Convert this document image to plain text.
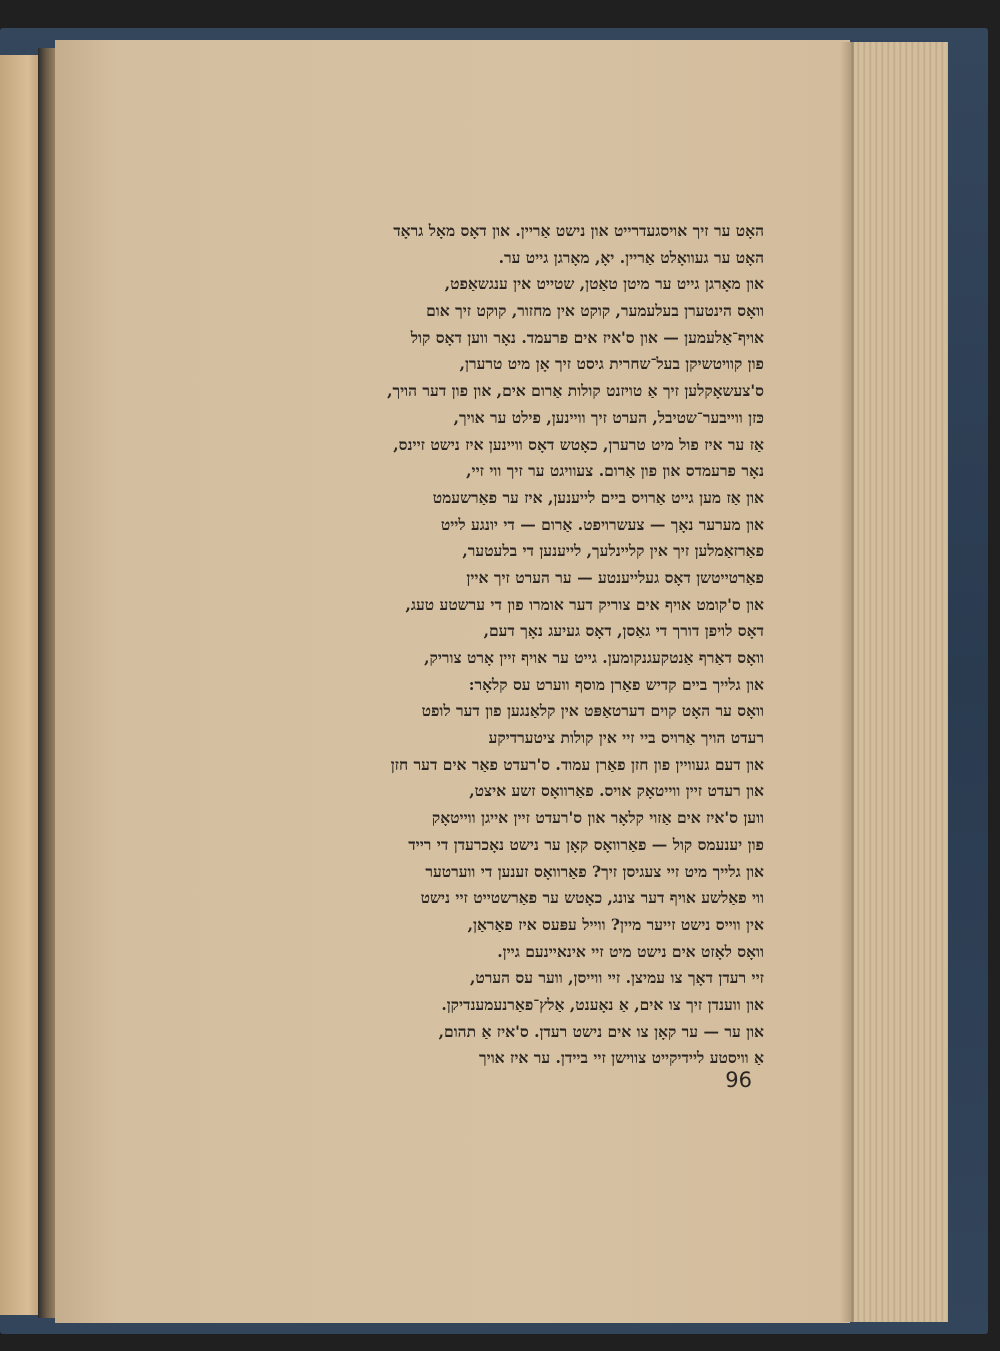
האָט ער זיך אויסגעדרייט און נישט אַריין. און דאָס מאָל גראָד
האָט ער געוואָלט אַריין. יאָ, מאָרגן גייט ער.
און מאָרגן גייט ער מיטן טאַטן, שטייט אין ענגשאַפט,
וואָס הינטערן בעלעמער, קוקט אין מחזור, קוקט זיך אום
אויף־אַלעמען — און ס'איז אים פרעמד. נאָר ווען דאָס קול
פון קוויטשיקן בעל־שחרית גיסט זיך אָן מיט טרערן,
ס'צעשאָקלען זיך אַ טויזנט קולות אַרום אים, און פון דער הויך,
כּזן ווייבער־שטיבל, הערט זיך וויינען, פילט ער אויך,
אַז ער איז פול מיט טרערן, כאָטש דאָס וויינען איז נישט זיינס,
נאָר פרעמדס און פון אַרום. צעוויגט ער זיך ווי זיי,
און אַז מען גייט אַרויס ביים לייענען, איז ער פאַרשעמט
און מערער נאָך — צעשרויפט. אַרום — די יונגע לייט
פאַרזאַמלען זיך אין קליינלעך, לייענען די בלעטער,
פאַרטייטשן דאָס געלייענטע — ער הערט זיך איין
און ס'קומט אויף אים צוריק דער אומרו פון די ערשטע טעג,
דאָס לויפן דורך די גאַסן, דאָס געיעג נאָך דעם,
וואָס דאַרף אַנטקעגנקומען. גייט ער אויף זיין אָרט צוריק,
און גלייך ביים קדיש פאַרן מוסף ווערט עס קלאָר:
וואָס ער האָט קוים דערטאַפּט אין קלאַנגען פון דער לופט
רעדט הויך אַרויס ביי זיי אין קולות ציטערדיקע
און דעם געוויין פון חזן פאַרן עמוד. ס'רעדט פאַר אים דער חזן
און רעדט זיין ווייטאָק אויס. פאַרוואָס זשע איצט,
ווען ס'איז אים אַזוי קלאָר און ס'רעדט זיין אייגן ווייטאָק
פון יענעמס קול — פאַרוואָס קאָן ער נישט נאָכרעדן די רייד
און גלייך מיט זיי צעגיסן זיך? פאַרוואָס זענען די ווערטער
ווי פאַלשע אויף דער צונג, כאָטש ער פאַרשטייט זיי נישט
אין ווייס נישט זייער מיין? ווייל עפּעס איז פאַראַן,
וואָס לאָזט אים נישט מיט זיי אינאיינעם גיין.
זיי רעדן דאָך צו עמיצן. זיי ווייסן, ווער עס הערט,
און ווענדן זיך צו אים, אַ נאָענט, אַלץ־פאַרנעמענדיקן.
און ער — ער קאָן צו אים נישט רעדן. ס'איז אַ תהום,
אַ וויסטע ליידיקייט צווישן זיי ביידן. ער איז אויך
96
